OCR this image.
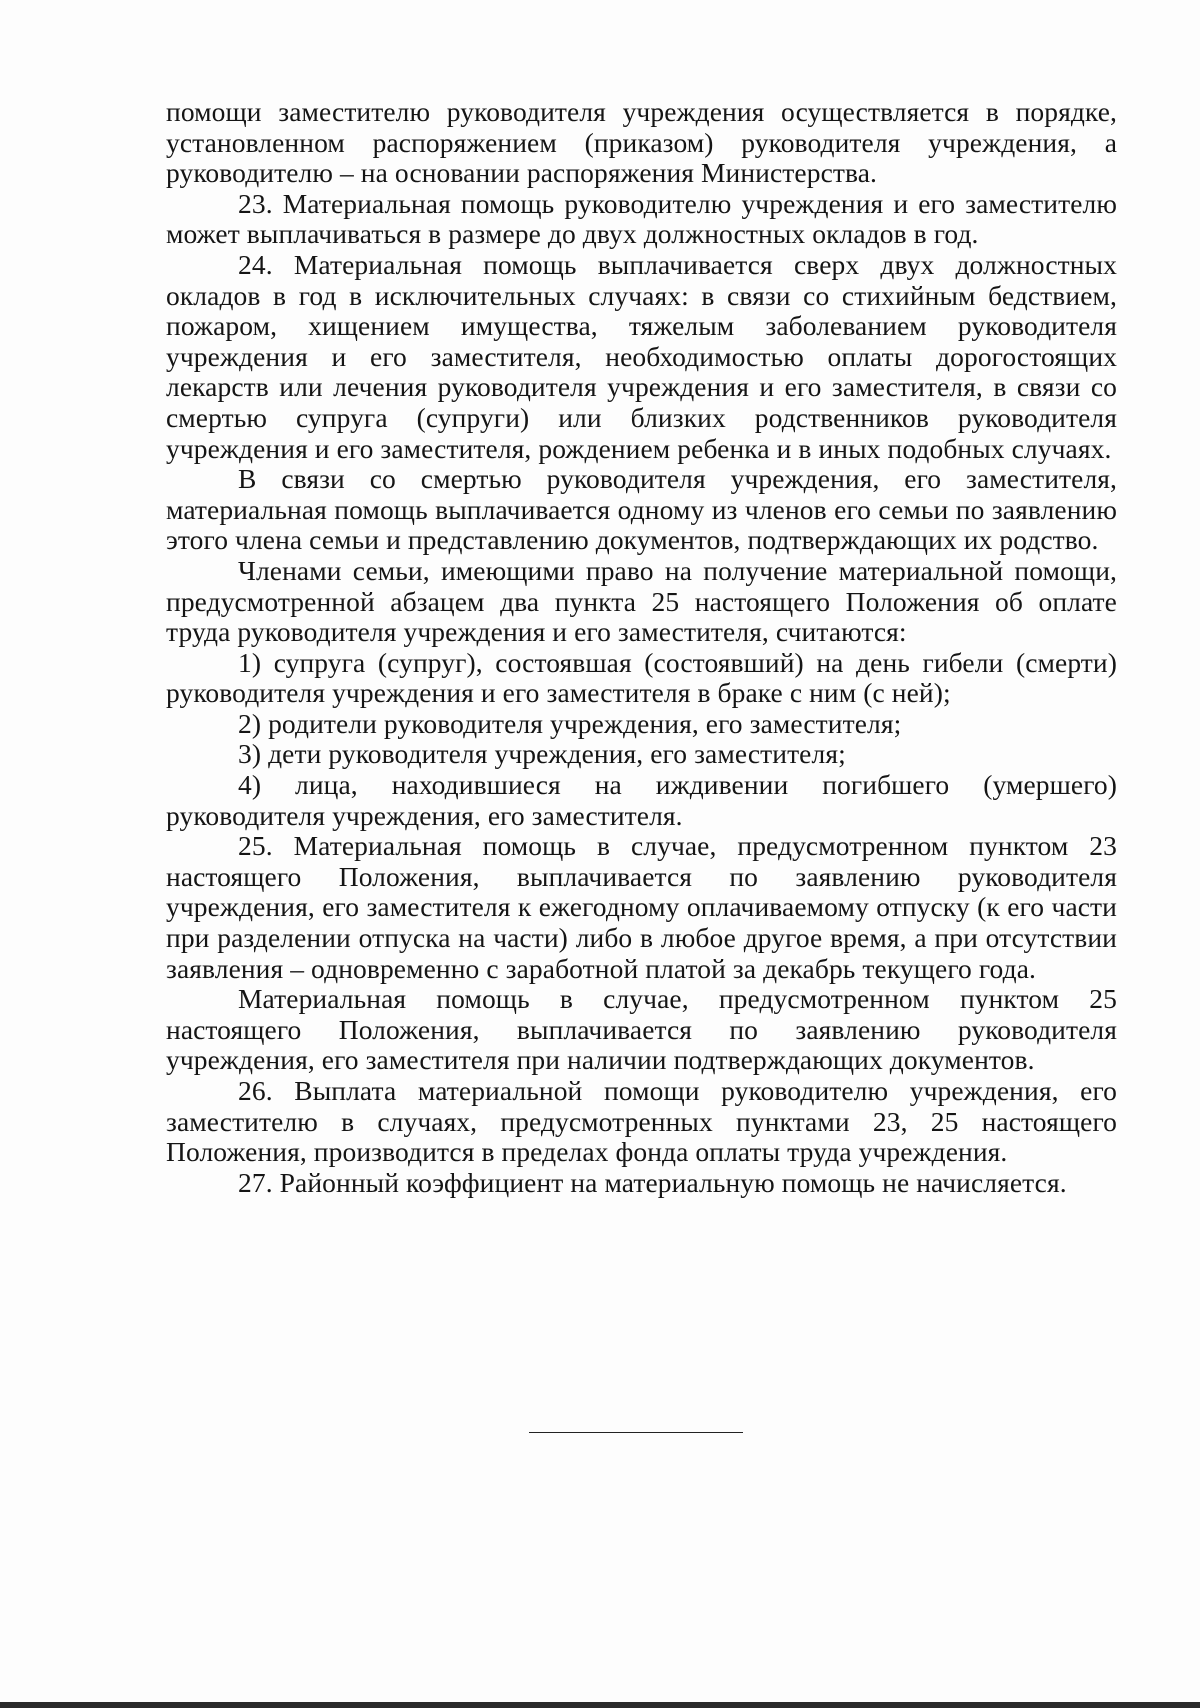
помощи заместителю руководителя учреждения осуществляется в порядке, установленном распоряжением (приказом) руководителя учреждения, а руководителю – на основании распоряжения Министерства.

23. Материальная помощь руководителю учреждения и его заместителю может выплачиваться в размере до двух должностных окладов в год.

24. Материальная помощь выплачивается сверх двух должностных окладов в год в исключительных случаях: в связи со стихийным бедствием, пожаром, хищением имущества, тяжелым заболеванием руководителя учреждения и его заместителя, необходимостью оплаты дорогостоящих лекарств или лечения руководителя учреждения и его заместителя, в связи со смертью супруга (супруги) или близких родственников руководителя учреждения и его заместителя, рождением ребенка и в иных подобных случаях.

В связи со смертью руководителя учреждения, его заместителя, материальная помощь выплачивается одному из членов его семьи по заявлению этого члена семьи и представлению документов, подтверждающих их родство.

Членами семьи, имеющими право на получение материальной помощи, предусмотренной абзацем два пункта 25 настоящего Положения об оплате труда руководителя учреждения и его заместителя, считаются:

1) супруга (супруг), состоявшая (состоявший) на день гибели (смерти) руководителя учреждения и его заместителя в браке с ним (с ней);

2) родители руководителя учреждения, его заместителя;

3) дети руководителя учреждения, его заместителя;

4) лица, находившиеся на иждивении погибшего (умершего) руководителя учреждения, его заместителя.

25. Материальная помощь в случае, предусмотренном пунктом 23 настоящего Положения, выплачивается по заявлению руководителя учреждения, его заместителя к ежегодному оплачиваемому отпуску (к его части при разделении отпуска на части) либо в любое другое время, а при отсутствии заявления – одновременно с заработной платой за декабрь текущего года.

Материальная помощь в случае, предусмотренном пунктом 25 настоящего Положения, выплачивается по заявлению руководителя учреждения, его заместителя при наличии подтверждающих документов.

26. Выплата материальной помощи руководителю учреждения, его заместителю в случаях, предусмотренных пунктами 23, 25 настоящего Положения, производится в пределах фонда оплаты труда учреждения.

27. Районный коэффициент на материальную помощь не начисляется.
